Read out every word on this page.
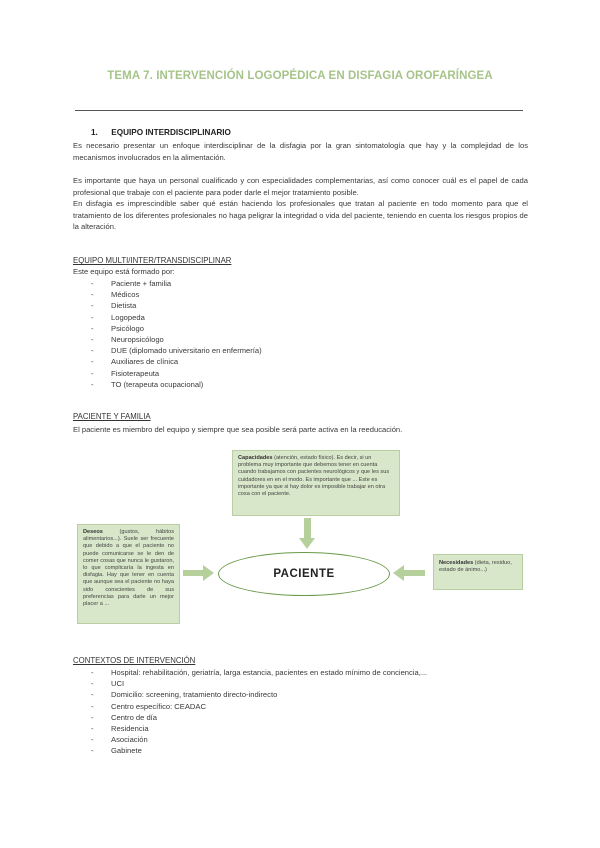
TEMA 7. INTERVENCIÓN LOGOPÉDICA EN DISFAGIA OROFARÍNGEA
1. EQUIPO INTERDISCIPLINARIO

Es necesario presentar un enfoque interdisciplinar de la disfagia por la gran sintomatología que hay y la complejidad de los mecanismos involucrados en la alimentación.

Es importante que haya un personal cualificado y con especialidades complementarias, así como conocer cuál es el papel de cada profesional que trabaje con el paciente para poder darle el mejor tratamiento posible.

En disfagia es imprescindible saber qué están haciendo los profesionales que tratan al paciente en todo momento para que el tratamiento de los diferentes profesionales no haga peligrar la integridad o vida del paciente, teniendo en cuenta los riesgos propios de la alteración.

EQUIPO MULTI/INTER/TRANSDISCIPLINAR
Este equipo está formado por:
- Paciente + familia
- Médicos
- Dietista
- Logopeda
- Psicólogo
- Neuropsicólogo
- DUE (diplomado universitario en enfermería)
- Auxiliares de clínica
- Fisioterapeuta
- TO (terapeuta ocupacional)
PACIENTE Y FAMILIA
El paciente es miembro del equipo y siempre que sea posible será parte activa en la reeducación.
Capacidades (atención, estado físico). Es decir, si un problema muy importante que debemos tener en cuenta cuando trabajamos con pacientes neurológicos y que les sus cuidadores en en el modo. Es importante que ... Este es importante ya que si hay dolor es imposible trabajar en otra cosa con el paciente.
Deseos	(gustos, hábitos alimentarios...). Suele ser frecuente que debido a que el paciente no puede comunicarse se le den de comer cosas que nunca le gustaron, lo que complicaría la ingesta en disfagia. Hay que tener en cuenta que aunque sea el paciente no haya sido conscientes de sus preferencias para darle un mejor placer a ...
PACIENTE
Necesidades (dieta, residuo, estado de ánimo...)
CONTEXTOS DE INTERVENCIÓN
- Hospital: rehabilitación, geriatría, larga estancia, pacientes en estado mínimo de conciencia,...
- UCI
- Domicilio: screening, tratamiento directo-indirecto
- Centro específico: CEADAC
- Centro de día
- Residencia
- Asociación
- Gabinete
